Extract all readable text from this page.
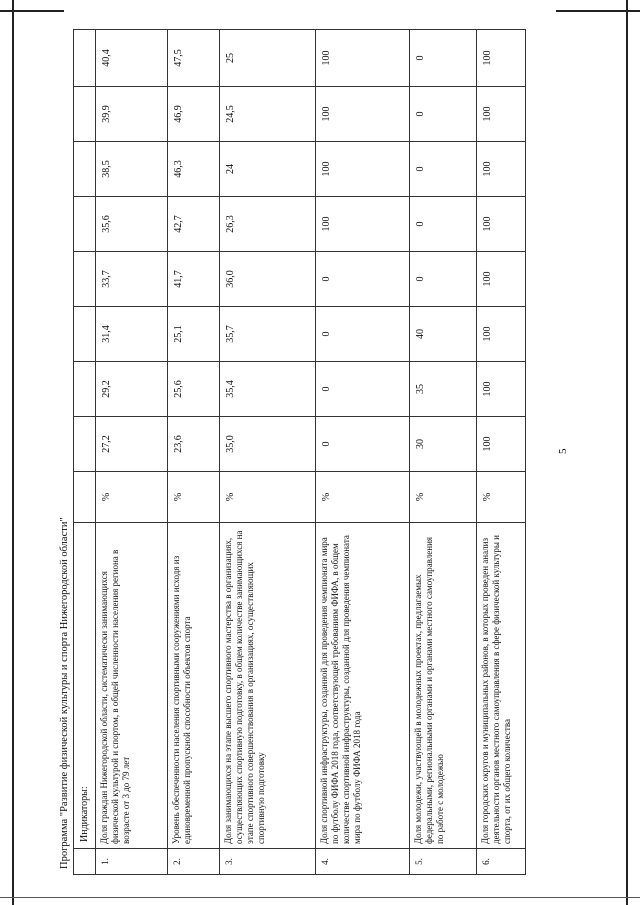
5
Программа "Развитие физической культуры и спорта Нижегородской области"
	Индикаторы:									
1.	Доля граждан Нижегородской области, систематически занимающихся физической культурой и спортом, в общей численности населения региона в возрасте от 3 до 79 лет	%	27,2	29,2	31,4	33,7	35,6	38,5	39,9	40,4
2.	Уровень обеспеченности населения спортивными сооружениями исходя из единовременной пропускной способности объектов спорта	%	23,6	25,6	25,1	41,7	42,7	46,3	46,9	47,5
3.	Доля занимающихся на этапе высшего спортивного мастерства в организациях, осуществляющих спортивную подготовку, в общем количестве занимающихся на этапе спортивного совершенствования в организациях, осуществляющих спортивную подготовку	%	35,0	35,4	35,7	36,0	26,3	24	24,5	25
4.	Доля спортивной инфраструктуры, созданной для проведения чемпионата мира по футболу ФИФА 2018 года, соответствующей требованиям ФИФА, в общем количестве спортивной инфраструктуры, созданной для проведения чемпионата мира по футболу ФИФА 2018 года	%	0	0	0	0	100	100	100	100
5.	Доля молодежи, участвующей в молодежных проектах, предлагаемых федеральными, региональными органами и органами местного самоуправления по работе с молодежью	%	30	35	40	0	0	0	0	0
6.	Доля городских округов и муниципальных районов, в которых проведен анализ деятельности органов местного самоуправления в сфере физической культуры и спорта, от их общего количества	%	100	100	100	100	100	100	100	100
